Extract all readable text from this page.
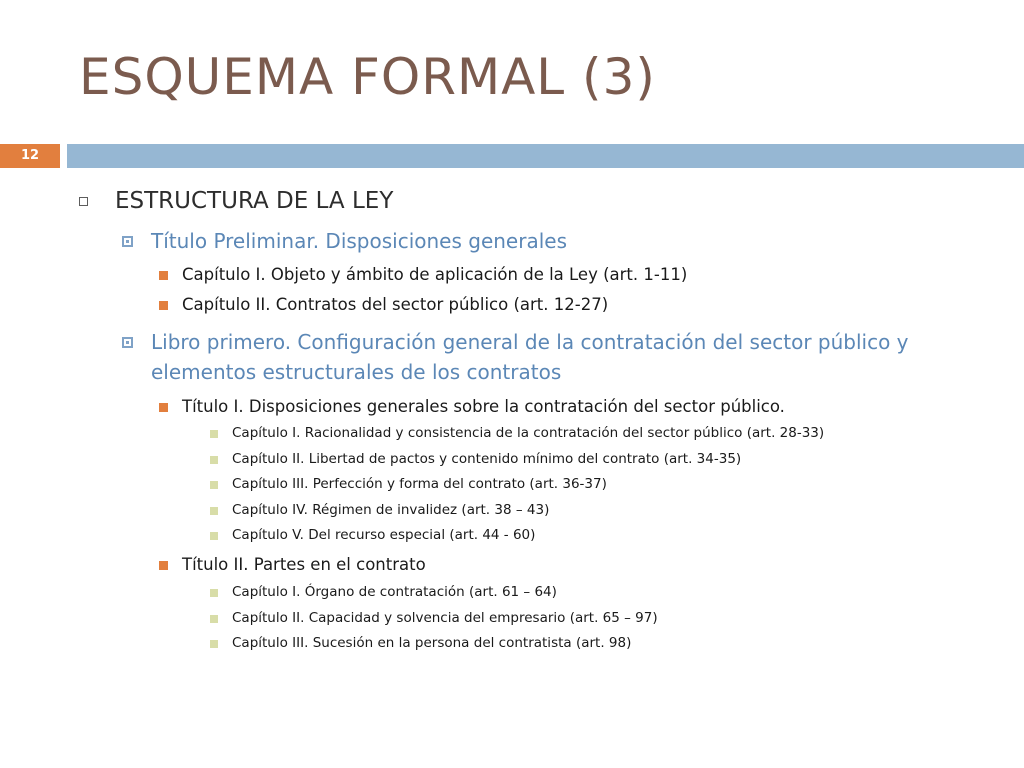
ESQUEMA FORMAL (3)
12
ESTRUCTURA DE LA LEY
Título Preliminar. Disposiciones generales
Capítulo I. Objeto y ámbito de aplicación de la Ley (art. 1-11)
Capítulo II. Contratos del sector público (art. 12-27)
Libro primero. Configuración general de la contratación del sector público y
elementos estructurales de los contratos
Título I. Disposiciones generales sobre la contratación del sector público.
Capítulo I. Racionalidad y consistencia de la contratación del sector público (art. 28-33)
Capítulo II. Libertad de pactos y contenido mínimo del contrato (art. 34-35)
Capítulo III. Perfección y forma del contrato (art. 36-37)
Capítulo IV. Régimen de invalidez (art. 38 – 43)
Capítulo V. Del recurso especial (art. 44 - 60)
Título II. Partes en el contrato
Capítulo I. Órgano de contratación (art. 61 – 64)
Capítulo II. Capacidad y solvencia del empresario (art. 65 – 97)
Capítulo III. Sucesión en la persona del contratista (art. 98)
